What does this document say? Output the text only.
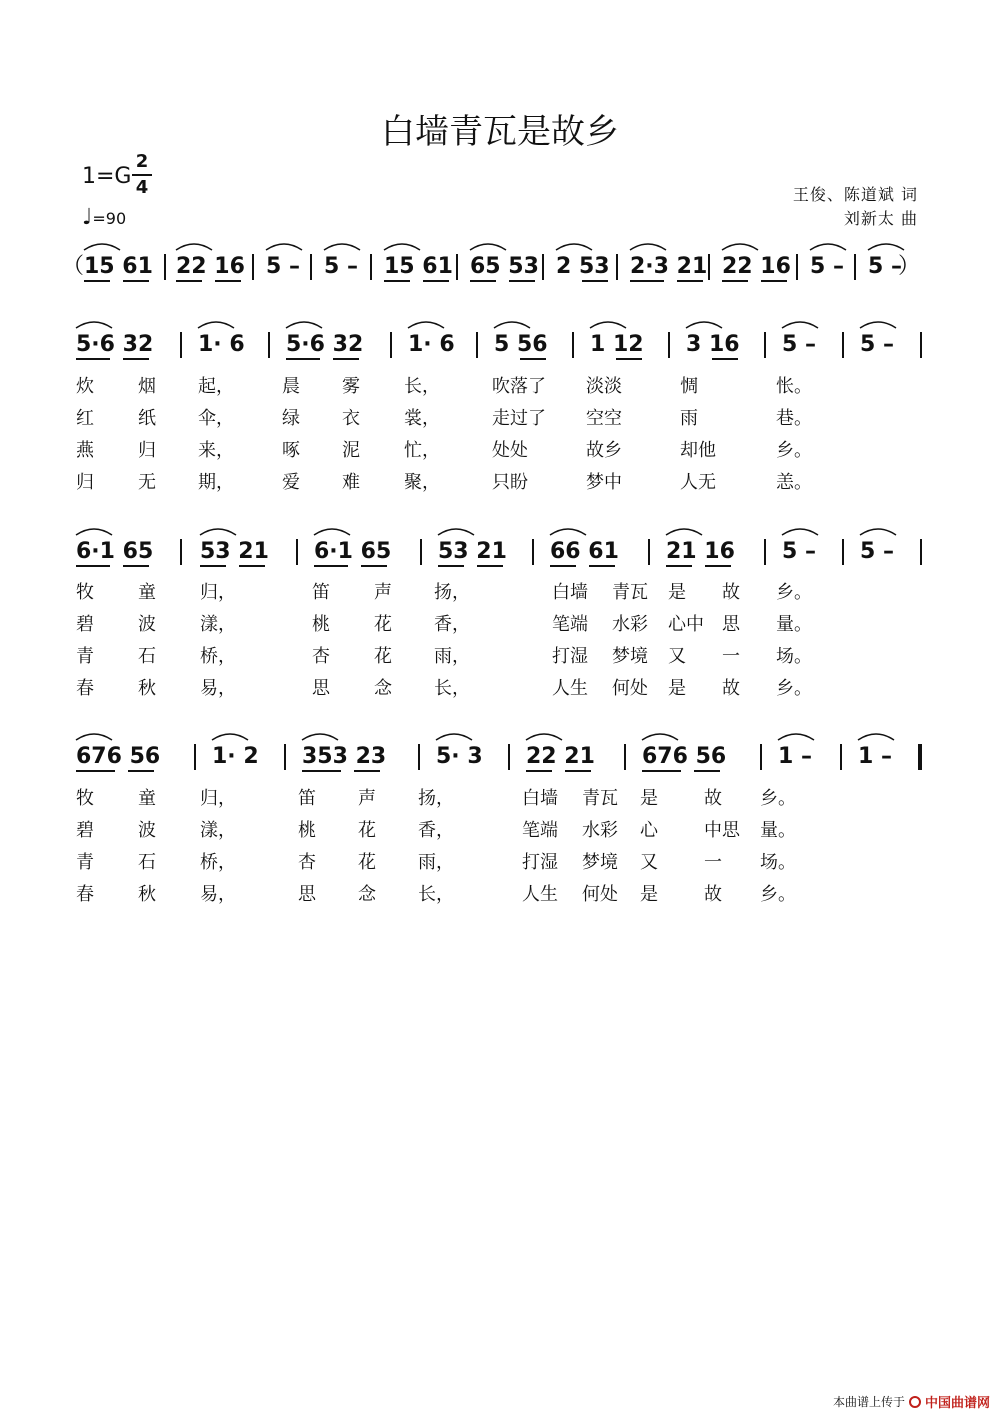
白墙青瓦是故乡
1=G
2
4
♩=90
王俊、陈道斌 词
刘新太 曲
（	）
15 61 22 16 5 – 5 – 15 61 65 53 2 53 2·3 21 22 16 5 – 5 –
5·6 32 1· 6 5·6 32 1· 6 5 56 1 12 3 16 5 – 5 –
6·1 65 53 21 6·1 65 53 21 66 61 21 16 5 – 5 –
676 56 1· 2 353 23 5· 3 22 21 676 56 1 – 1 –
炊 烟 起，	晨 雾 长，	吹落了 淡淡	惆	怅。
红 纸 伞，	绿 衣 裳，	走过了 空空	雨	巷。
燕 归 来，	啄 泥 忙，	处处	故乡	却他	乡。
归 无 期，	爱 难 聚，	只盼	梦中	人无	恙。
牧 童 归，	笛 声 扬，	白墙 青瓦 是 故 乡。
碧 波 漾，	桃 花 香，	笔端 水彩 心中 思 量。
青 石 桥，	杏 花 雨，	打湿 梦境 又 一 场。
春 秋 易，	思 念 长，	人生 何处 是 故 乡。
牧 童 归，	笛 声 扬，	白墙 青瓦 是	故 乡。
碧 波 漾，	桃 花 香，	笔端 水彩 心	中思 量。
青 石 桥，	杏 花 雨，	打湿 梦境 又	一 场。
春 秋 易，	思 念 长，	人生 何处 是	故 乡。
本曲谱上传于 中国曲谱网
